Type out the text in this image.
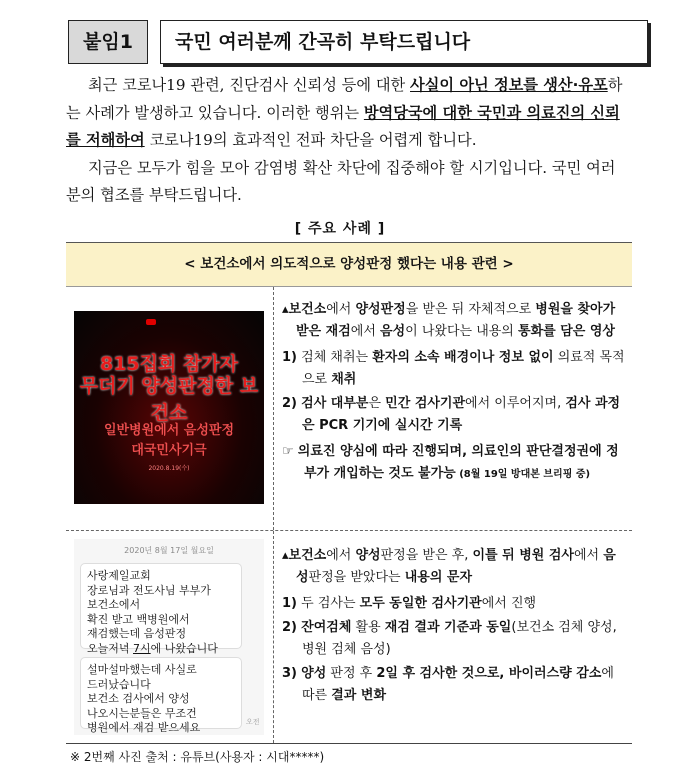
붙임1	국민 여러분께 간곡히 부탁드립니다

최근 코로나19 관련, 진단검사 신뢰성 등에 대한 사실이 아닌 정보를 생산·유포하는 사례가 발생하고 있습니다. 이러한 행위는 방역당국에 대한 국민과 의료진의 신뢰를 저해하여 코로나19의 효과적인 전파 차단을 어렵게 합니다.

지금은 모두가 힘을 모아 감염병 확산 차단에 집중해야 할 시기입니다. 국민 여러분의 협조를 부탁드립니다.

[ 주요 사례 ]
< 보건소에서 의도적으로 양성판정 했다는 내용 관련 >
815집회 참가자
무더기 양성판정한 보건소
일반병원에서 음성판정
대국민사기극
2020.8.19(수)

▴보건소에서 양성판정을 받은 뒤 자체적으로 병원을 찾아가 받은 재검에서 음성이 나왔다는 내용의 통화를 담은 영상

1) 검체 채취는 환자의 소속 배경이나 정보 없이 의료적 목적으로 채취

2) 검사 대부분은 민간 검사기관에서 이루어지며, 검사 과정은 PCR 기기에 실시간 기록

☞ 의료진 양심에 따라 진행되며, 의료인의 판단결정권에 정부가 개입하는 것도 불가능 (8월 19일 방대본 브리핑 중)

2020년 8월 17일 월요일
사랑제일교회
장로님과 전도사님 부부가
보건소에서
확진 받고 백병원에서
재검했는데 음성판정
오늘저녁 7시에 나왔습니다
설마설마했는데 사실로
드러났습니다
보건소 검사에서 양성
나오시는분들은 무조건
병원에서 재검 받으세요	오전

▴보건소에서 양성판정을 받은 후, 이틀 뒤 병원 검사에서 음성판정을 받았다는 내용의 문자

1) 두 검사는 모두 동일한 검사기관에서 진행

2) 잔여검체 활용 재검 결과 기준과 동일(보건소 검체 양성, 병원 검체 음성)

3) 양성 판정 후 2일 후 검사한 것으로, 바이러스량 감소에 따른 결과 변화

※ 2번째 사진 출처 : 유튜브(사용자 : 시대*****)
